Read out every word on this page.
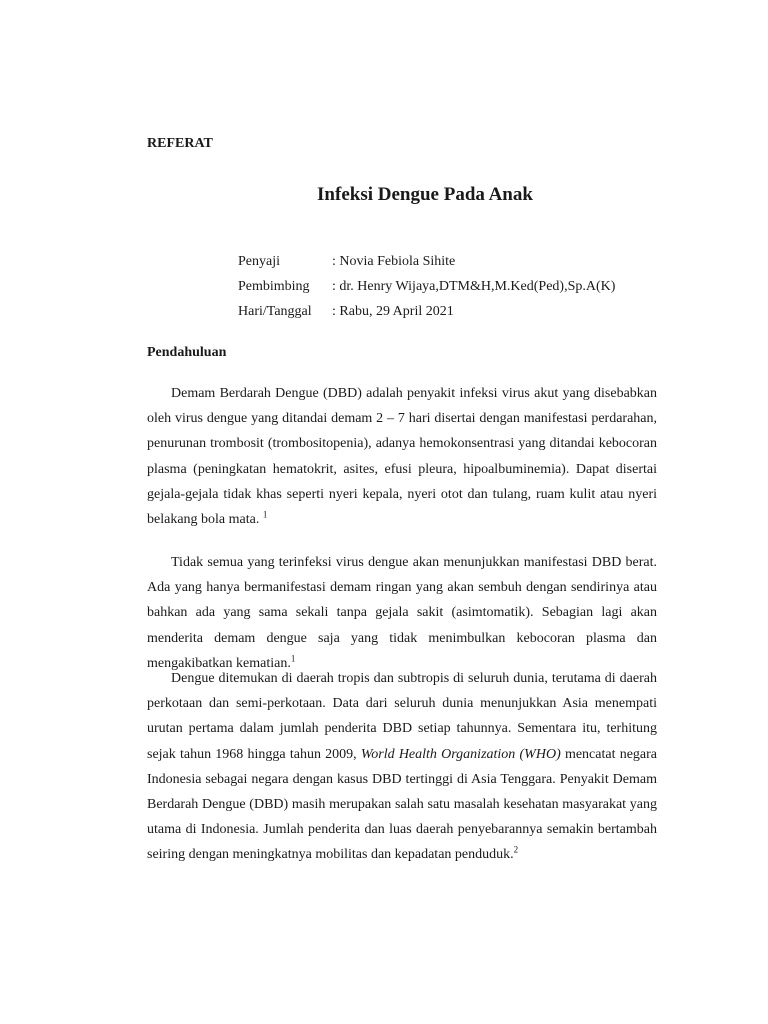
REFERAT
Infeksi Dengue Pada Anak
Penyaji	: Novia Febiola Sihite
Pembimbing : dr. Henry Wijaya,DTM&H,M.Ked(Ped),Sp.A(K)
Hari/Tanggal : Rabu, 29 April 2021
Pendahuluan

Demam Berdarah Dengue (DBD) adalah penyakit infeksi virus akut yang disebabkan oleh virus dengue yang ditandai demam 2 – 7 hari disertai dengan manifestasi perdarahan, penurunan trombosit (trombositopenia), adanya hemokonsentrasi yang ditandai kebocoran plasma (peningkatan hematokrit, asites, efusi pleura, hipoalbuminemia). Dapat disertai gejala-gejala tidak khas seperti nyeri kepala, nyeri otot dan tulang, ruam kulit atau nyeri belakang bola mata. $^1$

Tidak semua yang terinfeksi virus dengue akan menunjukkan manifestasi DBD berat. Ada yang hanya bermanifestasi demam ringan yang akan sembuh dengan sendirinya atau bahkan ada yang sama sekali tanpa gejala sakit (asimtomatik). Sebagian lagi akan menderita demam dengue saja yang tidak menimbulkan kebocoran plasma dan mengakibatkan kematian.$^1$

Dengue ditemukan di daerah tropis dan subtropis di seluruh dunia, terutama di daerah perkotaan dan semi-perkotaan. Data dari seluruh dunia menunjukkan Asia menempati urutan pertama dalam jumlah penderita DBD setiap tahunnya. Sementara itu, terhitung sejak tahun 1968 hingga tahun 2009, World Health Organization (WHO) mencatat negara Indonesia sebagai negara dengan kasus DBD tertinggi di Asia Tenggara. Penyakit Demam Berdarah Dengue (DBD) masih merupakan salah satu masalah kesehatan masyarakat yang utama di Indonesia. Jumlah penderita dan luas daerah penyebarannya semakin bertambah seiring dengan meningkatnya mobilitas dan kepadatan penduduk.$^2$
